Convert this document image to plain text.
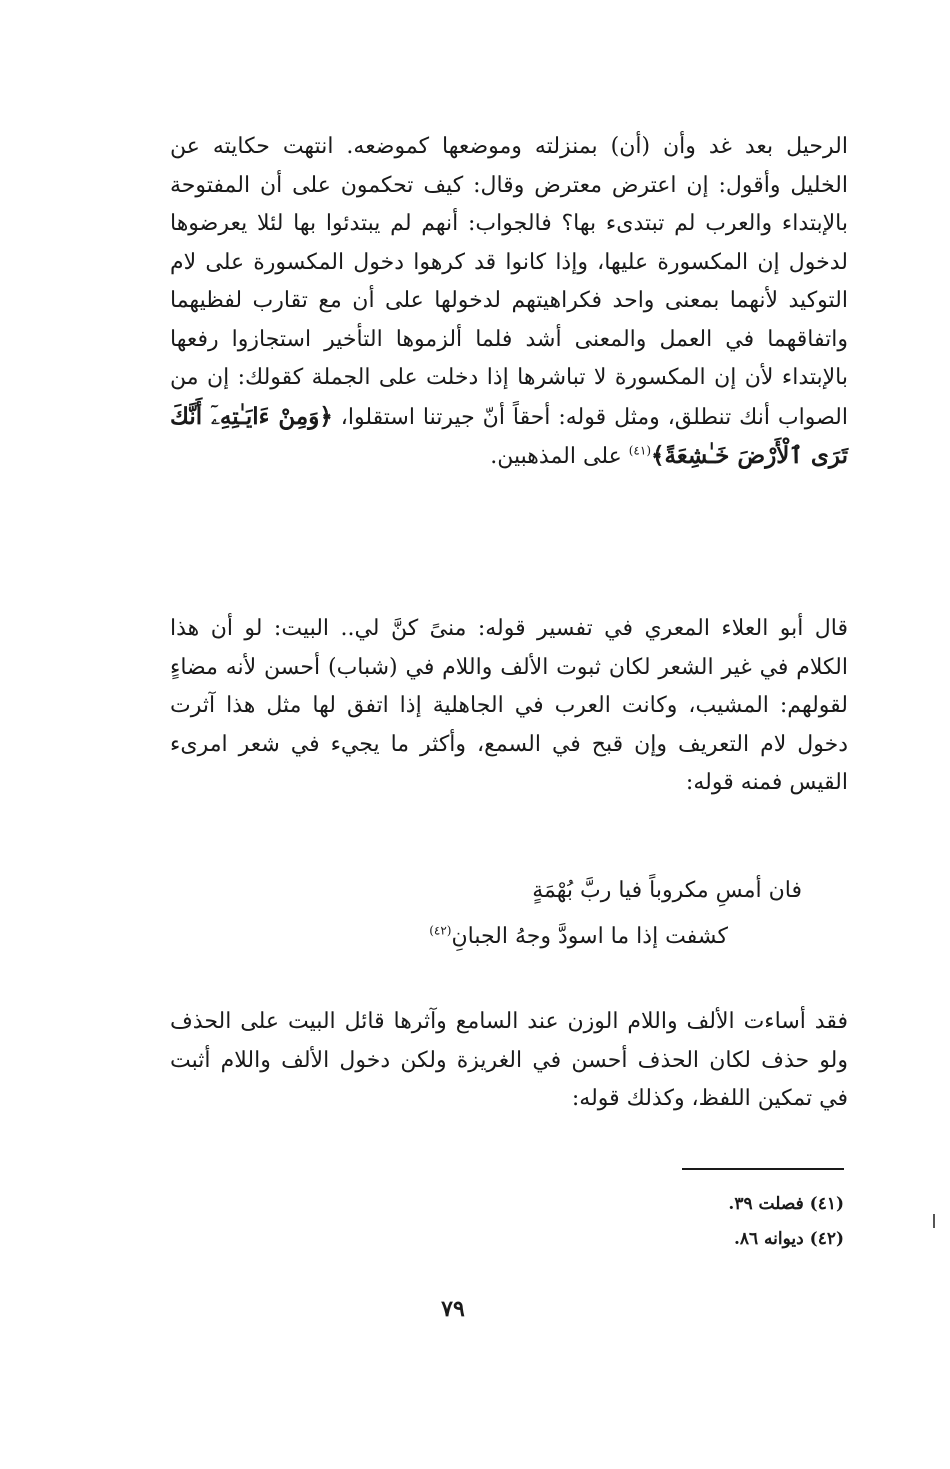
الرحيل بعد غد وأن (أن) بمنزلته وموضعها كموضعه. انتهت حكايته عن الخليل وأقول: إن اعترض معترض وقال: كيف تحكمون على أن المفتوحة بالإبتداء والعرب لم تبتدىء بها؟ فالجواب: أنهم لم يبتدئوا بها لئلا يعرضوها لدخول إن المكسورة عليها، وإذا كانوا قد كرهوا دخول المكسورة على لام التوكيد لأنهما بمعنى واحد فكراهيتهم لدخولها على أن مع تقارب لفظيهما واتفاقهما في العمل والمعنى أشد فلما ألزموها التأخير استجازوا رفعها بالإبتداء لأن إن المكسورة لا تباشرها إذا دخلت على الجملة كقولك: إن من الصواب أنك تنطلق، ومثل قوله: أحقاً أنّ جيرتنا استقلوا، ﴿وَمِنْ ءَايَـٰتِهِۦٓ أَنَّكَ تَرَى ٱلْأَرْضَ خَـٰشِعَةً﴾$^{(٤١)}$ على المذهبين.
قال أبو العلاء المعري في تفسير قوله: منىً كنَّ لي.. البيت: لو أن هذا الكلام في غير الشعر لكان ثبوت الألف واللام في (شباب) أحسن لأنه مضاءٍ لقولهم: المشيب، وكانت العرب في الجاهلية إذا اتفق لها مثل هذا آثرت دخول لام التعريف وإن قبح في السمع، وأكثر ما يجيء في شعر امرىء القيس فمنه قوله:
فان أمسِ مكروباً فيا ربَّ بُهْمَةٍ
كشفت إذا ما اسودَّ وجهُ الجبانِ$^{(٤٢)}$
فقد أساءت الألف واللام الوزن عند السامع وآثرها قائل البيت على الحذف ولو حذف لكان الحذف أحسن في الغريزة ولكن دخول الألف واللام أثبت في تمكين اللفظ، وكذلك قوله:
(٤١) فصلت ٣٩.
(٤٢) ديوانه ٨٦.
٧٩
